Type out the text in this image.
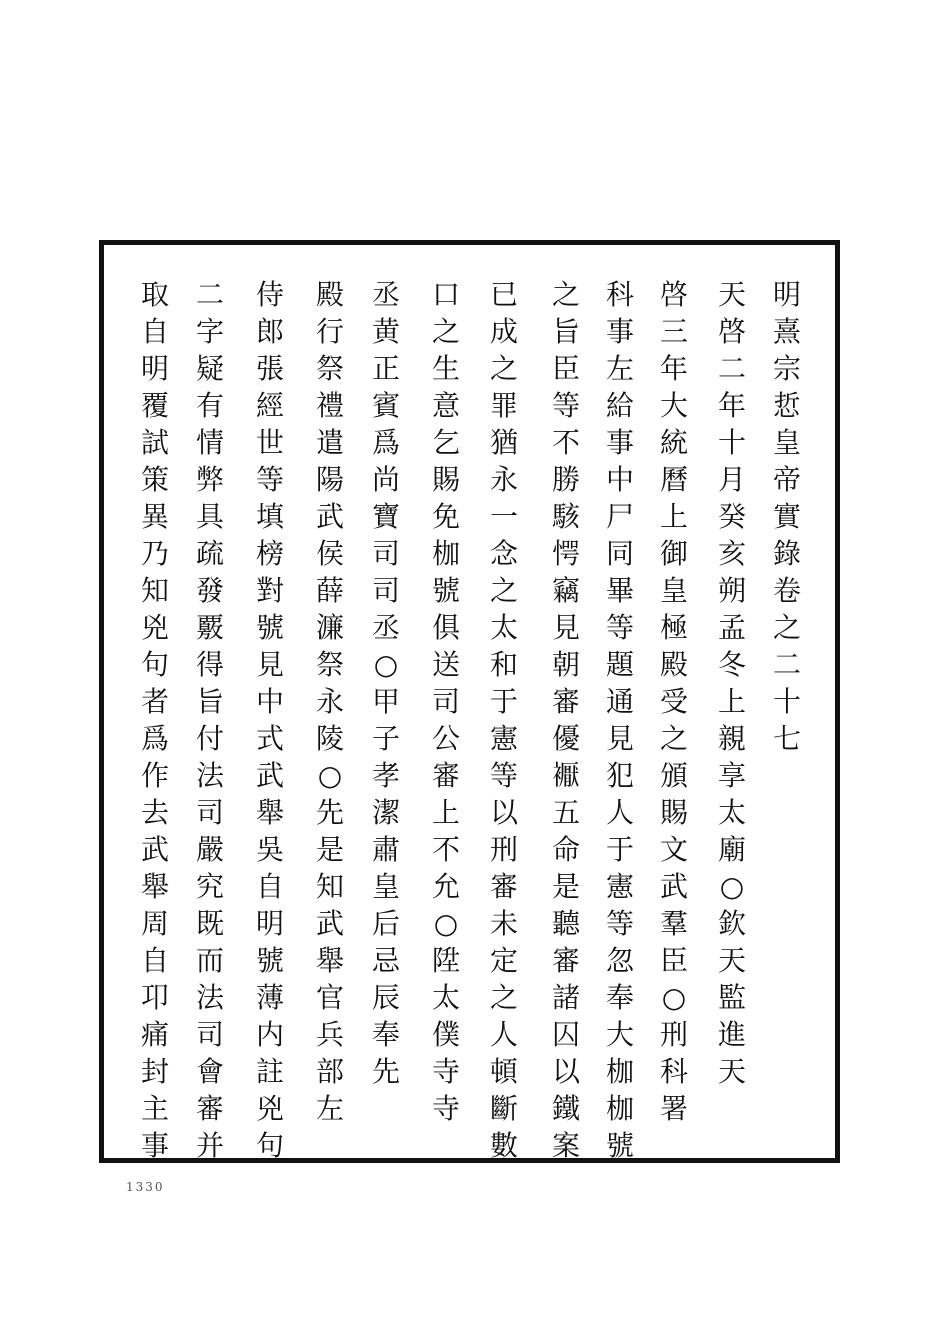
明熹宗悊皇帝實錄卷之二十七
天啓二年十月癸亥朔孟冬　上親享　太廟○欽天監進天
啓三年大統曆　上御皇極殿受之頒賜文武羣臣○刑科署
科事左給事中尸同畢等題通見犯人于憲等忽奉大枷枷號
之旨臣等不勝駭愕竊見朝審優𧞣五命是聽審諸囚以鐵案
已成之罪猶永一念之太和于憲等以刑審未定之人頓斷數
口之生意乞賜免枷號俱送司公審　上不允○陞太僕寺寺
丞黄正賓爲尚寶司司丞○甲子　孝潔肅皇后忌辰　奉先
殿行祭禮遣陽武侯薛濂祭　永陵○先是知武舉官兵部左
侍郎張經世等填榜對號見中式武舉吳自明號薄内註兇句
二字疑有情弊具疏發覈得旨付法司嚴究既而法司會審并
取自明覆試策異乃知兇句者爲作去武舉周自卭痛封主事
1330
